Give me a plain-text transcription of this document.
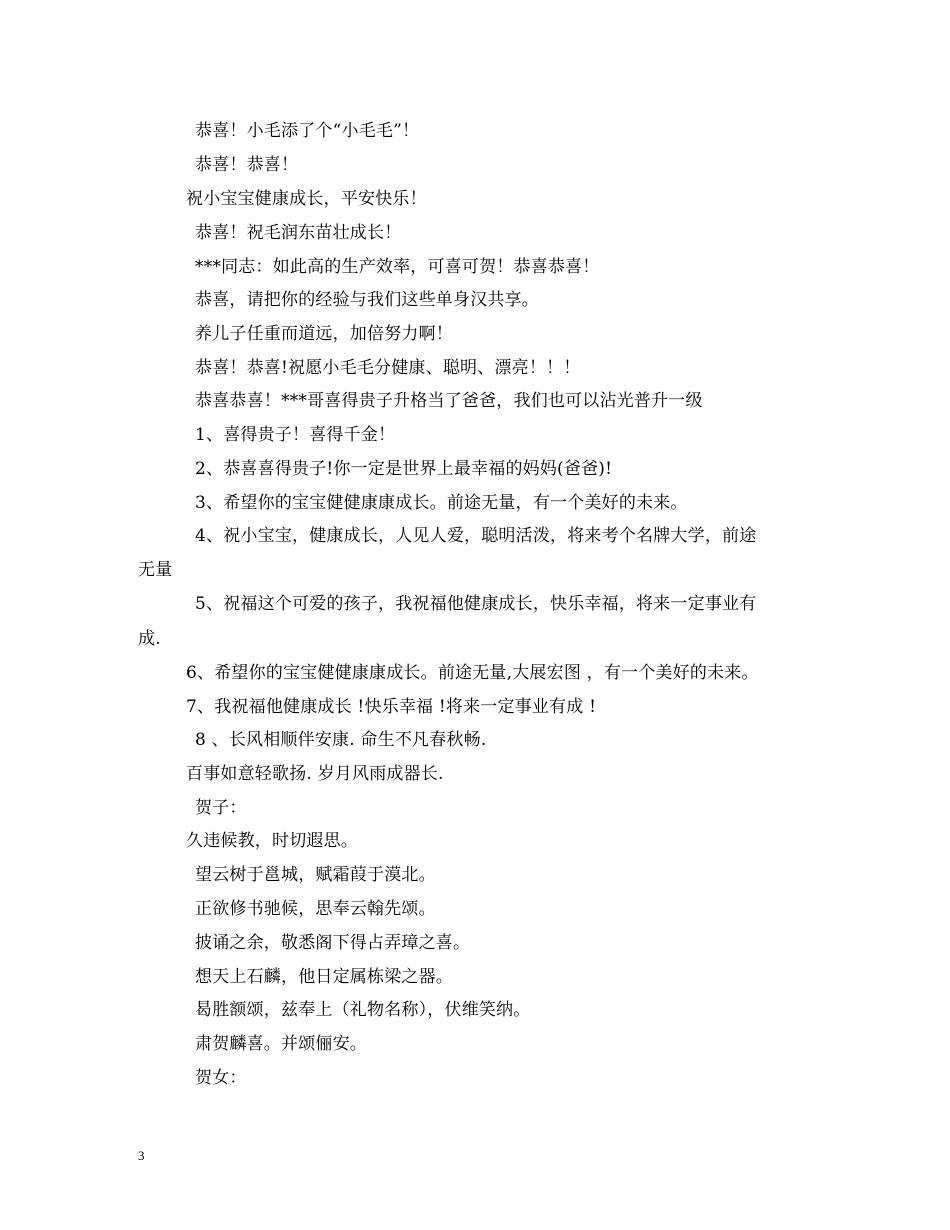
恭喜！小毛添了个“小毛毛”！
恭喜！恭喜！
祝小宝宝健康成长，平安快乐！
恭喜！祝毛润东苗壮成长！
***同志：如此高的生产效率，可喜可贺！恭喜恭喜！
恭喜，请把你的经验与我们这些单身汉共享。
养儿子任重而道远，加倍努力啊！
恭喜！恭喜!祝愿小毛毛分健康、聪明、漂亮！！！
恭喜恭喜！***哥喜得贵子升格当了爸爸，我们也可以沾光普升一级
1、喜得贵子！喜得千金！
2、恭喜喜得贵子!你一定是世界上最幸福的妈妈(爸爸)!
3、希望你的宝宝健健康康成长。前途无量，有一个美好的未来。
4、祝小宝宝，健康成长，人见人爱，聪明活泼，将来考个名牌大学，前途
无量
5、祝福这个可爱的孩子，我祝福他健康成长，快乐幸福，将来一定事业有
成.
6、希望你的宝宝健健康康成长。前途无量,大展宏图 ，有一个美好的未来。
7、我祝福他健康成长 !快乐幸福 !将来一定事业有成 !
8 、长风相顺伴安康. 命生不凡春秋畅.
百事如意轻歌扬. 岁月风雨成器长.
贺子：
久违候教，时切遐思。
望云树于邕城，赋霜葭于漠北。
正欲修书驰候，思奉云翰先颂。
披诵之余，敬悉阁下得占弄璋之喜。
想天上石麟，他日定属栋梁之器。
曷胜额颂，兹奉上（礼物名称），伏维笑纳。
肃贺麟喜。并颂俪安。
贺女：
3
